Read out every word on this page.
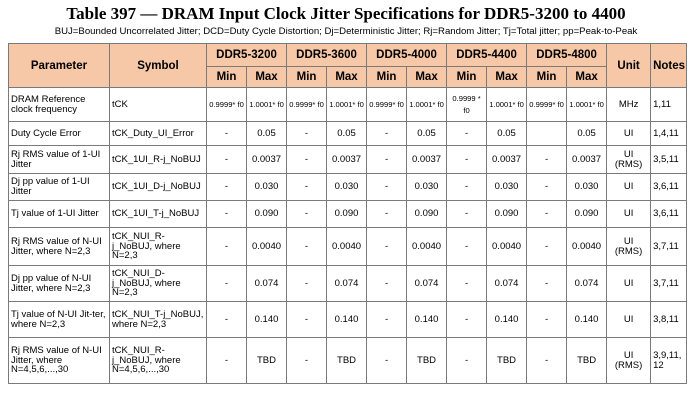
Table 397 — DRAM Input Clock Jitter Specifications for DDR5-3200 to 4400
BUJ=Bounded Uncorrelated Jitter; DCD=Duty Cycle Distortion; Dj=Deterministic Jitter; Rj=Random Jitter; Tj=Total jitter; pp=Peak-to-Peak
Parameter	Symbol	DDR5-3200		DDR5-3600		DDR5-4000		DDR5-4400		DDR5-4800		Unit	Notes
		Min	Max	Min	Max	Min	Max	Min	Max	Min	Max		
DRAM Reference clock frequency	tCK	0.9999* f0	1.0001* f0	0.9999* f0	1.0001* f0	0.9999* f0	1.0001* f0	0.9999 * f0	1.0001* f0	0.9999* f0	1.0001* f0	MHz	1,11
Duty Cycle Error	tCK_Duty_UI_Error	-	0.05	-	0.05	-	0.05	-	0.05		0.05	UI	1,4,11
Rj RMS value of 1-UI Jitter	tCK_1UI_R-j_NoBUJ	-	0.0037	-	0.0037	-	0.0037	-	0.0037	-	0.0037	UI (RMS)	3,5,11
Dj pp value of 1-UI Jitter	tCK_1UI_D-j_NoBUJ	-	0.030	-	0.030	-	0.030	-	0.030	-	0.030	UI	3,6,11
Tj value of 1-UI Jitter	tCK_1UI_T-j_NoBUJ	-	0.090	-	0.090	-	0.090	-	0.090	-	0.090	UI	3,6,11
Rj RMS value of N-UI Jitter, where N=2,3	tCK_NUI_R-j_NoBUJ, where N=2,3	-	0.0040	-	0.0040	-	0.0040	-	0.0040	-	0.0040	UI (RMS)	3,7,11
Dj pp value of N-UI Jitter, where N=2,3	tCK_NUI_D-j_NoBUJ, where N=2,3	-	0.074	-	0.074	-	0.074	-	0.074	-	0.074	UI	3,7,11
Tj value of N-UI Jit-ter, where N=2,3	tCK_NUI_T-j_NoBUJ, where N=2,3	-	0.140	-	0.140	-	0.140	-	0.140	-	0.140	UI	3,8,11
Rj RMS value of N-UI Jitter, where N=4,5,6,...,30	tCK_NUI_R-j_NoBUJ, where N=4,5,6,...,30	-	TBD	-	TBD	-	TBD	-	TBD	-	TBD	UI (RMS)	3,9,11, 12
